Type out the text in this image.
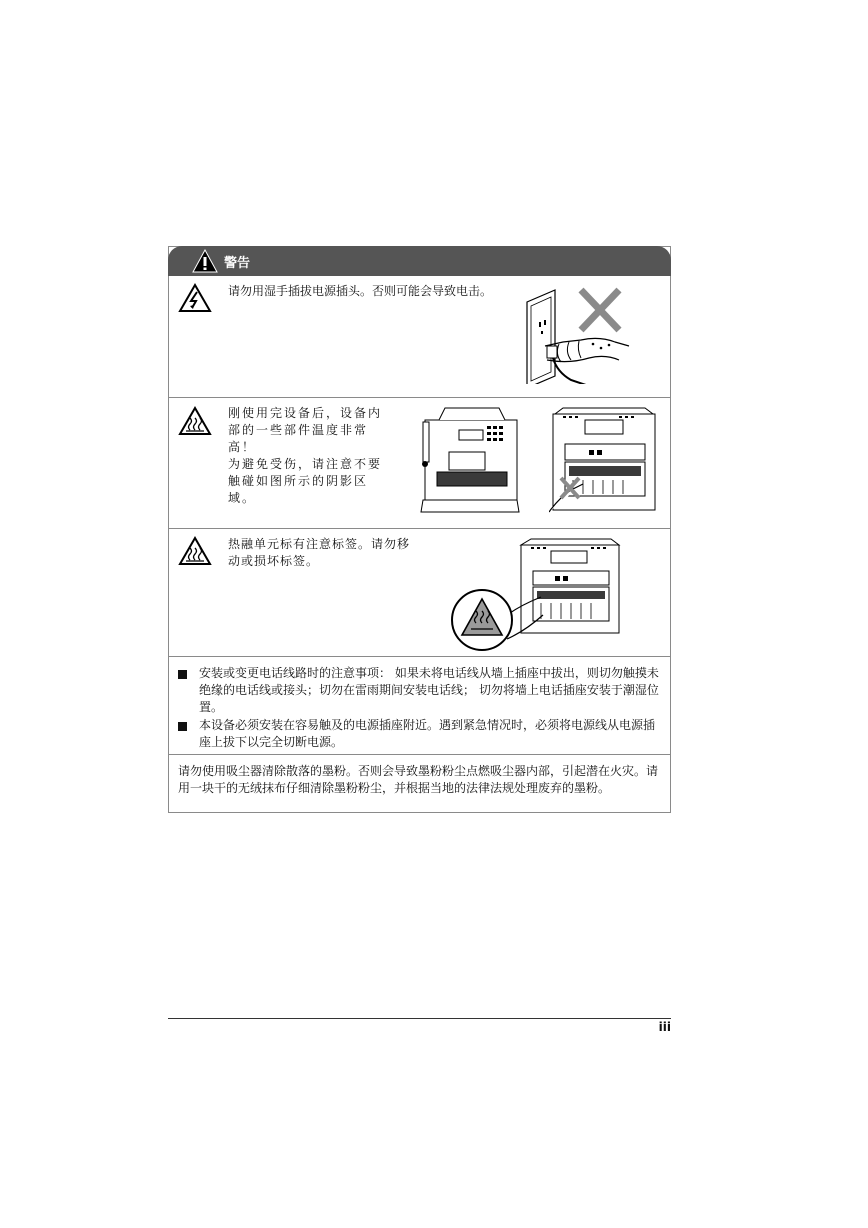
警告
请勿用湿手插拔电源插头。否则可能会导致电击。
刚使用完设备后，设备内部的一些部件温度非常高！
为避免受伤，请注意不要触碰如图所示的阴影区域。
热融单元标有注意标签。请勿移动或损坏标签。
安装或变更电话线路时的注意事项： 如果未将电话线从墙上插座中拔出，则切勿触摸未绝缘的电话线或接头；切勿在雷雨期间安装电话线； 切勿将墙上电话插座安装于潮湿位置。
本设备必须安装在容易触及的电源插座附近。遇到紧急情况时，必须将电源线从电源插座上拔下以完全切断电源。
请勿使用吸尘器清除散落的墨粉。否则会导致墨粉粉尘点燃吸尘器内部，引起潜在火灾。请用一块干的无绒抹布仔细清除墨粉粉尘，并根据当地的法律法规处理废弃的墨粉。
iii
